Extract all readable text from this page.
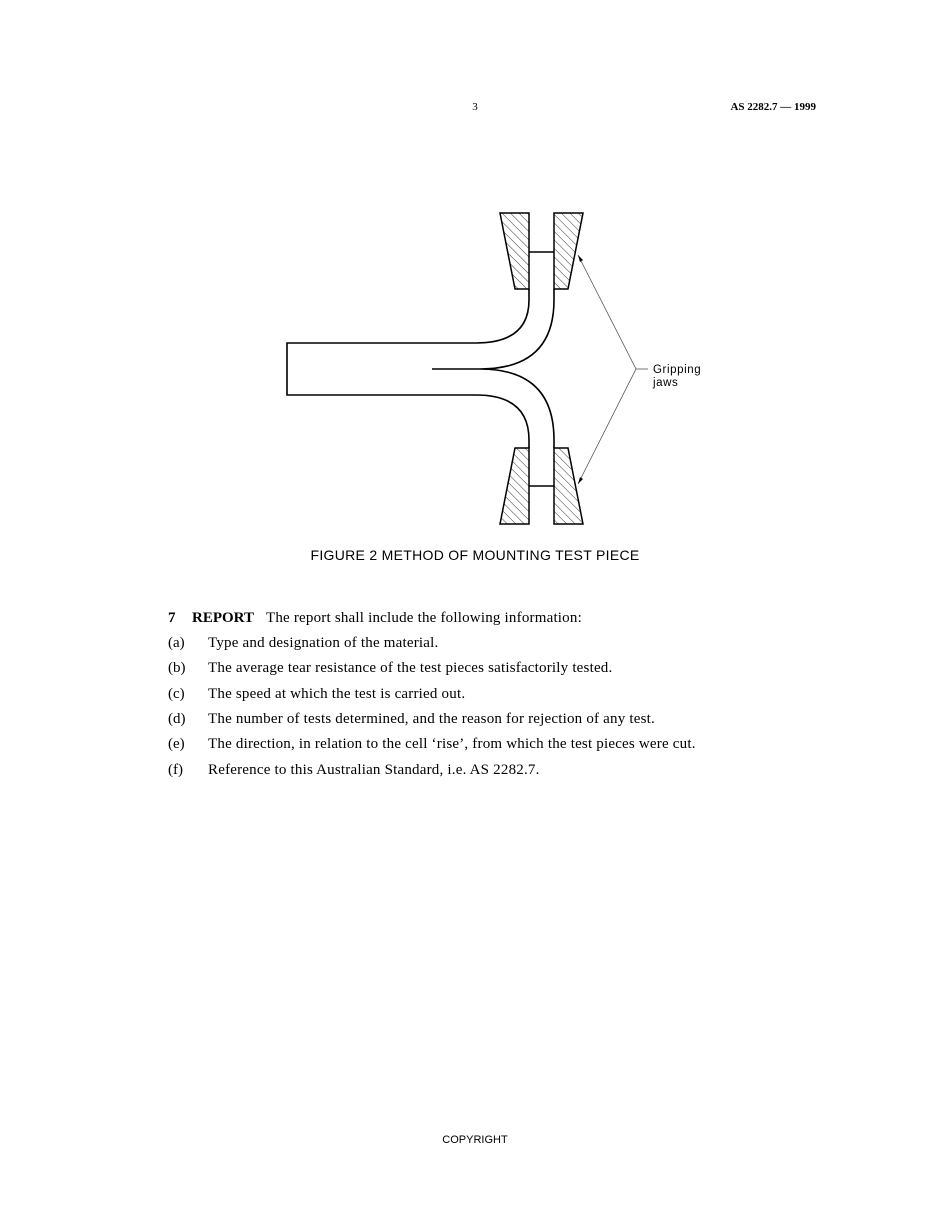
3	AS 2282.7 — 1999
Gripping
jaws
FIGURE 2 METHOD OF MOUNTING TEST PIECE
7 REPORT The report shall include the following information:
(a) Type and designation of the material.
(b) The average tear resistance of the test pieces satisfactorily tested.
(c) The speed at which the test is carried out.
(d) The number of tests determined, and the reason for rejection of any test.
(e) The direction, in relation to the cell ‘rise’, from which the test pieces were cut.
(f) Reference to this Australian Standard, i.e. AS 2282.7.
COPYRIGHT
